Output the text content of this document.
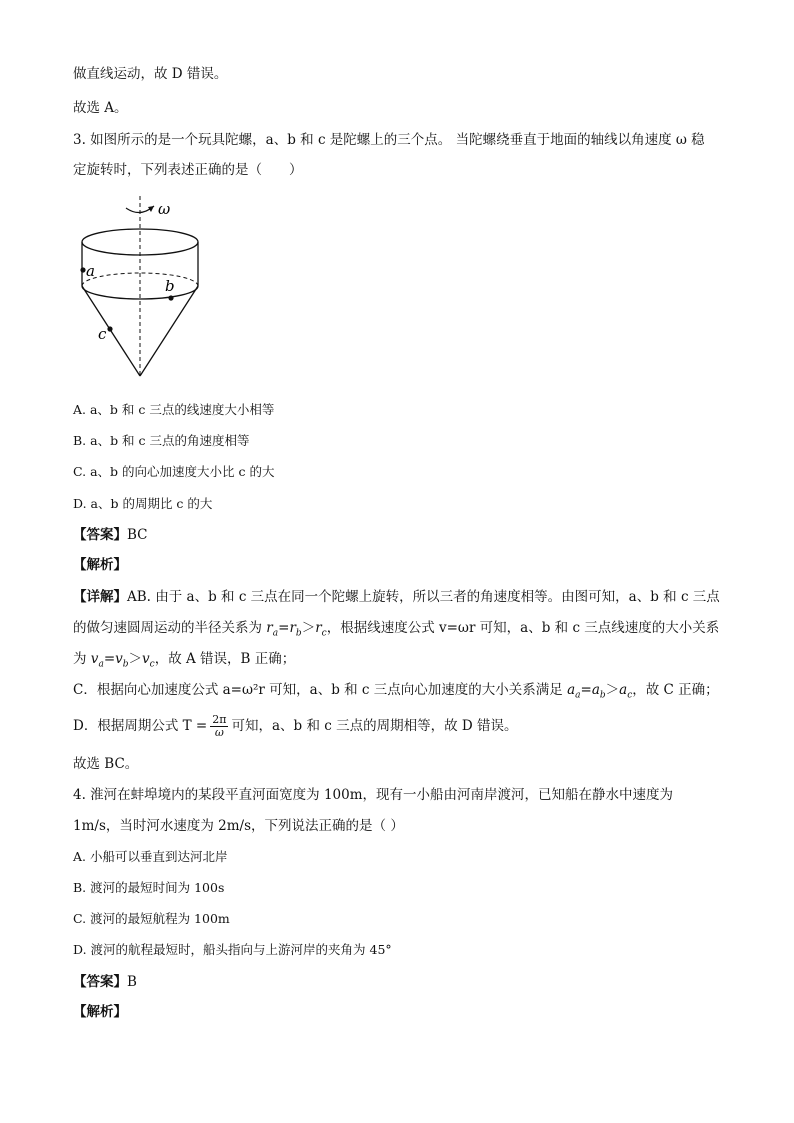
做直线运动，故 D 错误。
故选 A。
3. 如图所示的是一个玩具陀螺，a、b 和 c 是陀螺上的三个点。 当陀螺绕垂直于地面的轴线以角速度 ω 稳
定旋转时，下列表述正确的是（　　）
ω
a
b
c
A. a、b 和 c 三点的线速度大小相等
B. a、b 和 c 三点的角速度相等
C. a、b 的向心加速度大小比 c 的大
D. a、b 的周期比 c 的大
【答案】BC
【解析】
【详解】AB. 由于 a、b 和 c 三点在同一个陀螺上旋转，所以三者的角速度相等。由图可知，a、b 和 c 三点
的做匀速圆周运动的半径关系为 $r_a=r_b>r_c$，根据线速度公式 v=ωr 可知，a、b 和 c 三点线速度的大小关系
为 $v_a=v_b>v_c$，故 A 错误，B 正确；
C．根据向心加速度公式 a=ω²r 可知，a、b 和 c 三点向心加速度的大小关系满足 $a_a=a_b>a_c$，故 C 正确；
D．根据周期公式 $T = \frac{2\pi}{\omega}$ 可知，a、b 和 c 三点的周期相等，故 D 错误。
故选 BC。
4. 淮河在蚌埠境内的某段平直河面宽度为 100m，现有一小船由河南岸渡河，已知船在静水中速度为
1m/s，当时河水速度为 2m/s，下列说法正确的是（ ）
A. 小船可以垂直到达河北岸
B. 渡河的最短时间为 100s
C. 渡河的最短航程为 100m
D. 渡河的航程最短时，船头指向与上游河岸的夹角为 45°
【答案】B
【解析】
